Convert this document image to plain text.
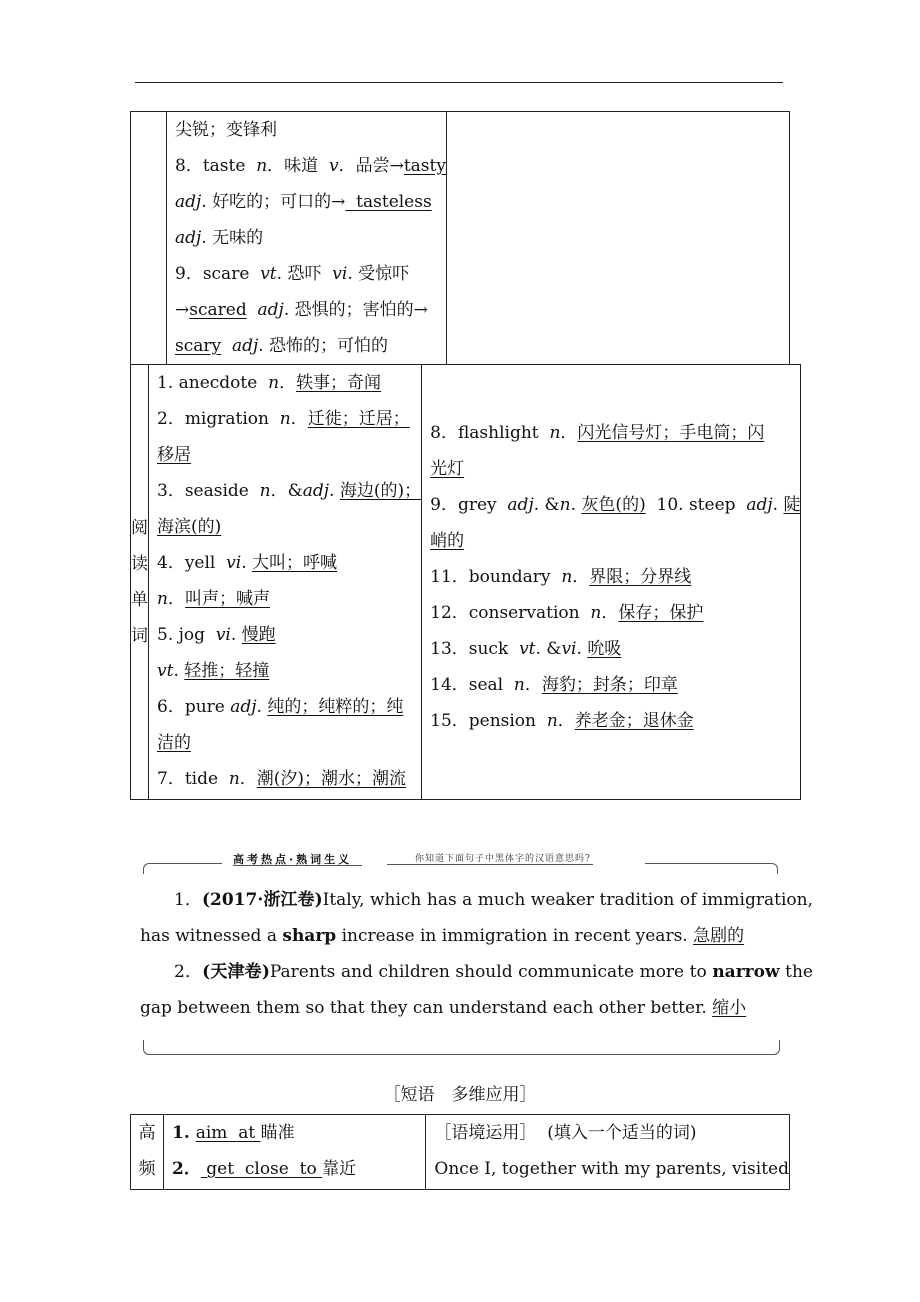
尖锐；变锋利
8．taste  n．味道  v．品尝→tasty
adj. 好吃的；可口的→  tasteless
adj. 无味的
9．scare  vt. 恐吓  vi. 受惊吓
→scared adj. 恐惧的；害怕的→
scary adj. 恐怖的；可怕的

阅
读
单
词

1. anecdote  n．轶事；奇闻
2．migration  n．迁徙；迁居；
移居
3．seaside  n．&adj. 海边(的)；
海滨(的)
4．yell  vi. 大叫；呼喊
n．叫声；喊声
5. jog  vi. 慢跑
vt. 轻推；轻撞
6．pure adj. 纯的；纯粹的；纯
洁的
7．tide  n．潮(汐)；潮水；潮流

8．flashlight  n．闪光信号灯；手电筒；闪
光灯
9．grey  adj. &n. 灰色(的)  10. steep  adj. 陡
峭的
11．boundary  n．界限；分界线
12．conservation  n．保存；保护
13．suck  vt. &vi. 吮吸
14．seal  n．海豹；封条；印章
15．pension  n．养老金；退休金
高考热点·熟词生义	你知道下面句子中黑体字的汉语意思吗?
1．(2017·浙江卷)Italy, which has a much weaker tradition of immigration, has witnessed a sharp increase in immigration in recent years. 急剧的
2．(天津卷)Parents and children should communicate more to narrow the gap between them so that they can understand each other better. 缩小
［短语　多维应用］
高
频

1. aim  at 瞄准
2． get  close  to 靠近

［语境运用］  (填入一个适当的词)
Once I, together with my parents, visited
